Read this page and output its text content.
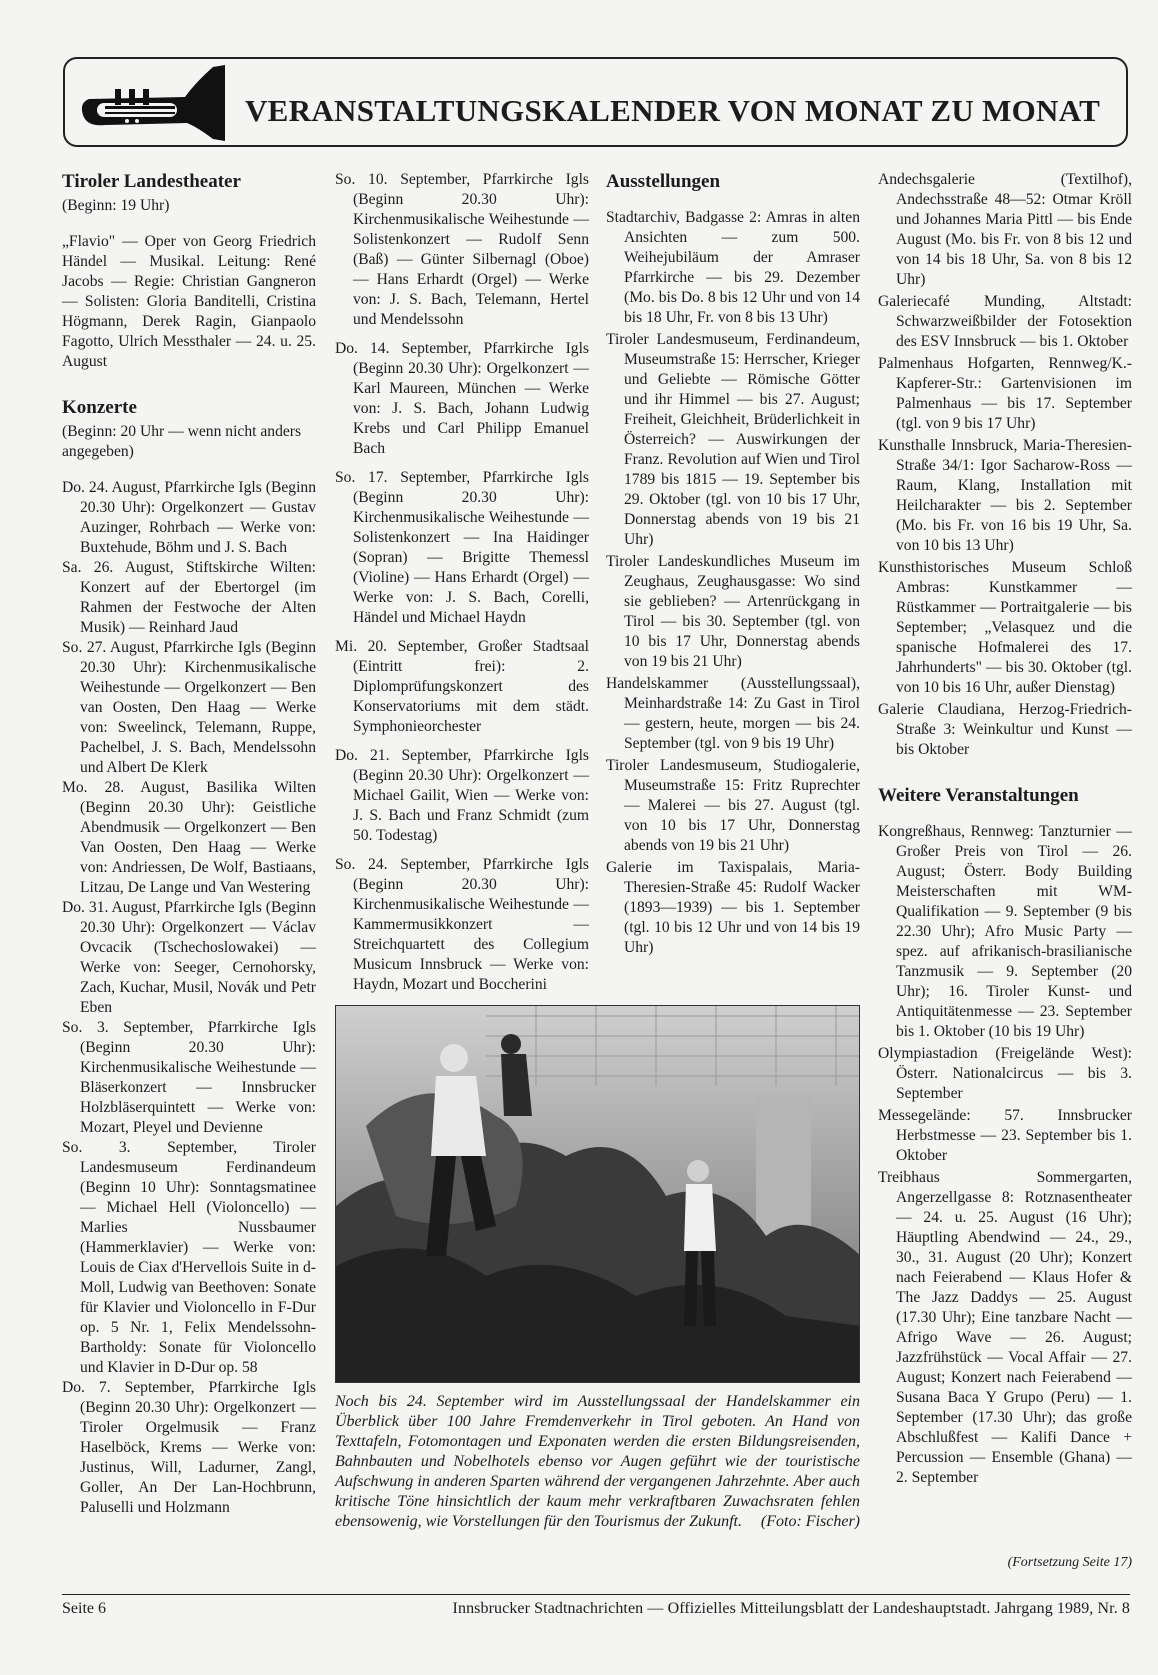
VERANSTALTUNGSKALENDER VON MONAT ZU MONAT
Tiroler Landestheater
(Beginn: 19 Uhr)
„Flavio" — Oper von Georg Friedrich Händel — Musikal. Leitung: René Jacobs — Regie: Christian Gangneron — Solisten: Gloria Banditelli, Cristina Högmann, Derek Ragin, Gianpaolo Fagotto, Ulrich Messthaler — 24. u. 25. August
Konzerte
(Beginn: 20 Uhr — wenn nicht anders angegeben)
Do. 24. August, Pfarrkirche Igls (Beginn 20.30 Uhr): Orgelkonzert — Gustav Auzinger, Rohrbach — Werke von: Buxtehude, Böhm und J. S. Bach
Sa. 26. August, Stiftskirche Wilten: Konzert auf der Ebertorgel (im Rahmen der Festwoche der Alten Musik) — Reinhard Jaud
So. 27. August, Pfarrkirche Igls (Beginn 20.30 Uhr): Kirchenmusikalische Weihestunde — Orgelkonzert — Ben van Oosten, Den Haag — Werke von: Sweelinck, Telemann, Ruppe, Pachelbel, J. S. Bach, Mendelssohn und Albert De Klerk
Mo. 28. August, Basilika Wilten (Beginn 20.30 Uhr): Geistliche Abendmusik — Orgelkonzert — Ben Van Oosten, Den Haag — Werke von: Andriessen, De Wolf, Bastiaans, Litzau, De Lange und Van Westering
Do. 31. August, Pfarrkirche Igls (Beginn 20.30 Uhr): Orgelkonzert — Václav Ovcacik (Tschechoslowakei) — Werke von: Seeger, Cernohorsky, Zach, Kuchar, Musil, Novák und Petr Eben
So. 3. September, Pfarrkirche Igls (Beginn 20.30 Uhr): Kirchenmusikalische Weihestunde — Bläserkonzert — Innsbrucker Holzbläserquintett — Werke von: Mozart, Pleyel und Devienne
So. 3. September, Tiroler Landesmuseum Ferdinandeum (Beginn 10 Uhr): Sonntagsmatinee — Michael Hell (Violoncello) — Marlies Nussbaumer (Hammerklavier) — Werke von: Louis de Ciax d'Hervellois Suite in d-Moll, Ludwig van Beethoven: Sonate für Klavier und Violoncello in F-Dur op. 5 Nr. 1, Felix Mendelssohn-Bartholdy: Sonate für Violoncello und Klavier in D-Dur op. 58
Do. 7. September, Pfarrkirche Igls (Beginn 20.30 Uhr): Orgelkonzert — Tiroler Orgelmusik — Franz Haselböck, Krems — Werke von: Justinus, Will, Ladurner, Zangl, Goller, An Der Lan-Hochbrunn, Paluselli und Holzmann
So. 10. September, Pfarrkirche Igls (Beginn 20.30 Uhr): Kirchenmusikalische Weihestunde — Solistenkonzert — Rudolf Senn (Baß) — Günter Silbernagl (Oboe) — Hans Erhardt (Orgel) — Werke von: J. S. Bach, Telemann, Hertel und Mendelssohn
Do. 14. September, Pfarrkirche Igls (Beginn 20.30 Uhr): Orgelkonzert — Karl Maureen, München — Werke von: J. S. Bach, Johann Ludwig Krebs und Carl Philipp Emanuel Bach
So. 17. September, Pfarrkirche Igls (Beginn 20.30 Uhr): Kirchenmusikalische Weihestunde — Solistenkonzert — Ina Haidinger (Sopran) — Brigitte Themessl (Violine) — Hans Erhardt (Orgel) — Werke von: J. S. Bach, Corelli, Händel und Michael Haydn
Mi. 20. September, Großer Stadtsaal (Eintritt frei): 2. Diplomprüfungskonzert des Konservatoriums mit dem städt. Symphonieorchester
Do. 21. September, Pfarrkirche Igls (Beginn 20.30 Uhr): Orgelkonzert — Michael Gailit, Wien — Werke von: J. S. Bach und Franz Schmidt (zum 50. Todestag)
So. 24. September, Pfarrkirche Igls (Beginn 20.30 Uhr): Kirchenmusikalische Weihestunde — Kammermusikkonzert — Streichquartett des Collegium Musicum Innsbruck — Werke von: Haydn, Mozart und Boccherini
Ausstellungen
Stadtarchiv, Badgasse 2: Amras in alten Ansichten — zum 500. Weihejubiläum der Amraser Pfarrkirche — bis 29. Dezember (Mo. bis Do. 8 bis 12 Uhr und von 14 bis 18 Uhr, Fr. von 8 bis 13 Uhr)
Tiroler Landesmuseum, Ferdinandeum, Museumstraße 15: Herrscher, Krieger und Geliebte — Römische Götter und ihr Himmel — bis 27. August; Freiheit, Gleichheit, Brüderlichkeit in Österreich? — Auswirkungen der Franz. Revolution auf Wien und Tirol 1789 bis 1815 — 19. September bis 29. Oktober (tgl. von 10 bis 17 Uhr, Donnerstag abends von 19 bis 21 Uhr)
Tiroler Landeskundliches Museum im Zeughaus, Zeughausgasse: Wo sind sie geblieben? — Artenrückgang in Tirol — bis 30. September (tgl. von 10 bis 17 Uhr, Donnerstag abends von 19 bis 21 Uhr)
Handelskammer (Ausstellungssaal), Meinhardstraße 14: Zu Gast in Tirol — gestern, heute, morgen — bis 24. September (tgl. von 9 bis 19 Uhr)
Tiroler Landesmuseum, Studiogalerie, Museumstraße 15: Fritz Ruprechter — Malerei — bis 27. August (tgl. von 10 bis 17 Uhr, Donnerstag abends von 19 bis 21 Uhr)
Galerie im Taxispalais, Maria-Theresien-Straße 45: Rudolf Wacker (1893—1939) — bis 1. September (tgl. 10 bis 12 Uhr und von 14 bis 19 Uhr)
Andechsgalerie (Textilhof), Andechsstraße 48—52: Otmar Kröll und Johannes Maria Pittl — bis Ende August (Mo. bis Fr. von 8 bis 12 und von 14 bis 18 Uhr, Sa. von 8 bis 12 Uhr)
Galeriecafé Munding, Altstadt: Schwarzweißbilder der Fotosektion des ESV Innsbruck — bis 1. Oktober
Palmenhaus Hofgarten, Rennweg/K.-Kapferer-Str.: Gartenvisionen im Palmenhaus — bis 17. September (tgl. von 9 bis 17 Uhr)
Kunsthalle Innsbruck, Maria-Theresien-Straße 34/1: Igor Sacharow-Ross — Raum, Klang, Installation mit Heilcharakter — bis 2. September (Mo. bis Fr. von 16 bis 19 Uhr, Sa. von 10 bis 13 Uhr)
Kunsthistorisches Museum Schloß Ambras: Kunstkammer — Rüstkammer — Portraitgalerie — bis September; „Velasquez und die spanische Hofmalerei des 17. Jahrhunderts" — bis 30. Oktober (tgl. von 10 bis 16 Uhr, außer Dienstag)
Galerie Claudiana, Herzog-Friedrich-Straße 3: Weinkultur und Kunst — bis Oktober
Weitere Veranstaltungen
Kongreßhaus, Rennweg: Tanzturnier — Großer Preis von Tirol — 26. August; Österr. Body Building Meisterschaften mit WM-Qualifikation — 9. September (9 bis 22.30 Uhr); Afro Music Party — spez. auf afrikanisch-brasilianische Tanzmusik — 9. September (20 Uhr); 16. Tiroler Kunst- und Antiquitätenmesse — 23. September bis 1. Oktober (10 bis 19 Uhr)
Olympiastadion (Freigelände West): Österr. Nationalcircus — bis 3. September
Messegelände: 57. Innsbrucker Herbstmesse — 23. September bis 1. Oktober
Treibhaus Sommergarten, Angerzellgasse 8: Rotznasentheater — 24. u. 25. August (16 Uhr); Häuptling Abendwind — 24., 29., 30., 31. August (20 Uhr); Konzert nach Feierabend — Klaus Hofer & The Jazz Daddys — 25. August (17.30 Uhr); Eine tanzbare Nacht — Afrigo Wave — 26. August; Jazzfrühstück — Vocal Affair — 27. August; Konzert nach Feierabend — Susana Baca Y Grupo (Peru) — 1. September (17.30 Uhr); das große Abschlußfest — Kalifi Dance + Percussion — Ensemble (Ghana) — 2. September
Noch bis 24. September wird im Ausstellungssaal der Handelskammer ein Überblick über 100 Jahre Fremdenverkehr in Tirol geboten. An Hand von Texttafeln, Fotomontagen und Exponaten werden die ersten Bildungsreisenden, Bahnbauten und Nobelhotels ebenso vor Augen geführt wie der touristische Aufschwung in anderen Sparten während der vergangenen Jahrzehnte. Aber auch kritische Töne hinsichtlich der kaum mehr verkraftbaren Zuwachsraten fehlen ebensowenig, wie Vorstellungen für den Tourismus der Zukunft. (Foto: Fischer)
(Fortsetzung Seite 17)
Seite 6	Innsbrucker Stadtnachrichten — Offizielles Mitteilungsblatt der Landeshauptstadt. Jahrgang 1989, Nr. 8
